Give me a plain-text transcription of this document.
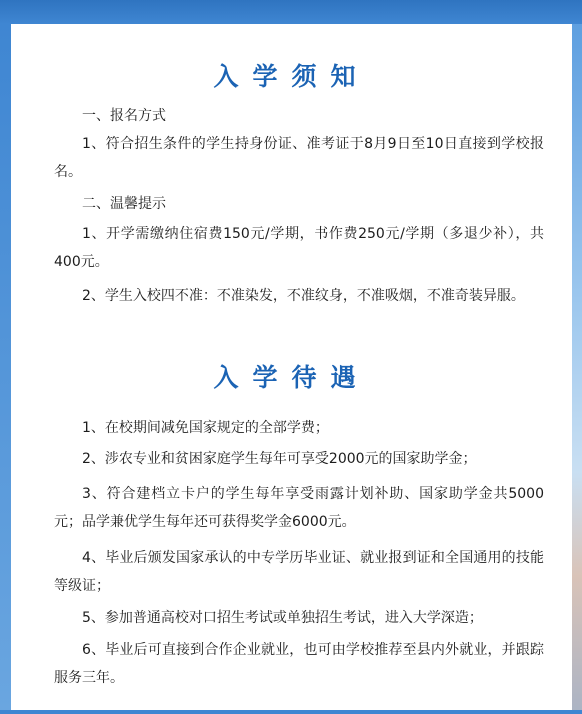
入学须知

一、报名方式

1、符合招生条件的学生持身份证、准考证于8月9日至10日直接到学校报名。

二、温馨提示

1、开学需缴纳住宿费150元/学期，书作费250元/学期（多退少补），共400元。

2、学生入校四不准：不准染发，不准纹身，不准吸烟，不准奇装异服。

入学待遇

1、在校期间减免国家规定的全部学费；

2、涉农专业和贫困家庭学生每年可享受2000元的国家助学金；

3、符合建档立卡户的学生每年享受雨露计划补助、国家助学金共5000元；品学兼优学生每年还可获得奖学金6000元。

4、毕业后颁发国家承认的中专学历毕业证、就业报到证和全国通用的技能等级证；

5、参加普通高校对口招生考试或单独招生考试，进入大学深造；

6、毕业后可直接到合作企业就业，也可由学校推荐至县内外就业，并跟踪服务三年。
